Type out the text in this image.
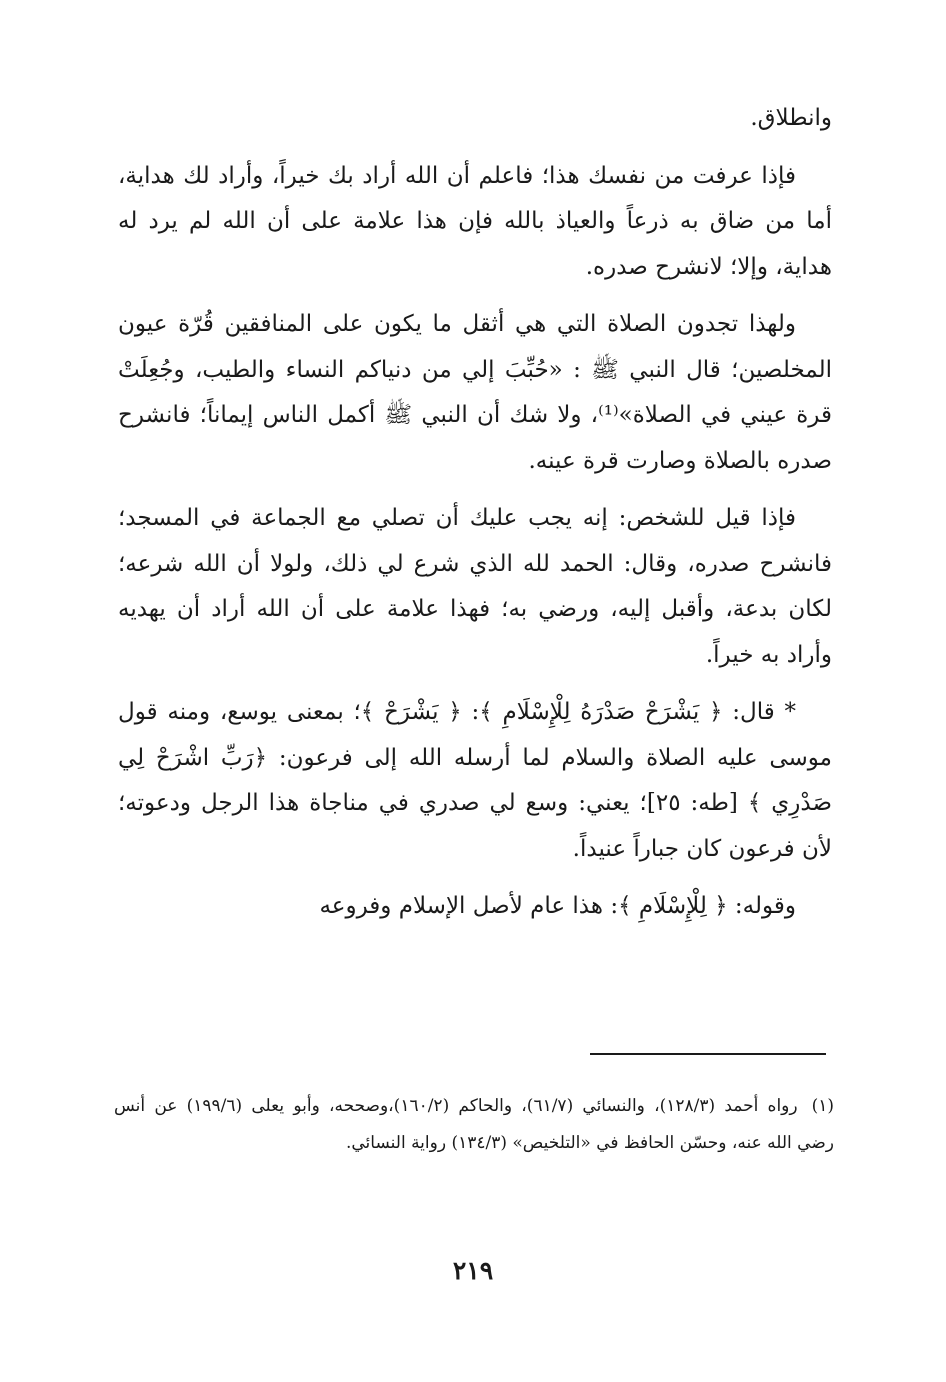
وانطلاق.

فإذا عرفت من نفسك هذا؛ فاعلم أن الله أراد بك خيراً، وأراد لك هداية، أما من ضاق به ذرعاً والعياذ بالله فإن هذا علامة على أن الله لم يرد له هداية، وإلا؛ لانشرح صدره.

ولهذا تجدون الصلاة التي هي أثقل ما يكون على المنافقين قُرّة عيون المخلصين؛ قال النبي ﷺ : «حُبِّبَ إلي من دنياكم النساء والطيب، وجُعِلَتْ قرة عيني في الصلاة»⁽¹⁾، ولا شك أن النبي ﷺ أكمل الناس إيماناً؛ فانشرح صدره بالصلاة وصارت قرة عينه.

فإذا قيل للشخص: إنه يجب عليك أن تصلي مع الجماعة في المسجد؛ فانشرح صدره، وقال: الحمد لله الذي شرع لي ذلك، ولولا أن الله شرعه؛ لكان بدعة، وأقبل إليه، ورضي به؛ فهذا علامة على أن الله أراد أن يهديه وأراد به خيراً.

* قال: ﴿ يَشْرَحْ صَدْرَهُ لِلْإِسْلَامِ ﴾: ﴿ يَشْرَحْ ﴾؛ بمعنى يوسع، ومنه قول موسى عليه الصلاة والسلام لما أرسله الله إلى فرعون: ﴿رَبِّ اشْرَحْ لِي صَدْرِي ﴾ [طه: ٢٥]؛ يعني: وسع لي صدري في مناجاة هذا الرجل ودعوته؛ لأن فرعون كان جباراً عنيداً.

وقوله: ﴿ لِلْإِسْلَامِ ﴾: هذا عام لأصل الإسلام وفروعه

(١)رواه أحمد (١٢٨/٣)، والنسائي (٦١/٧)، والحاكم (١٦٠/٢)،وصححه، وأبو يعلى (١٩٩/٦) عن أنس رضي الله عنه، وحسّن الحافظ في «التلخيص» (١٣٤/٣) رواية النسائي.

٢١٩
